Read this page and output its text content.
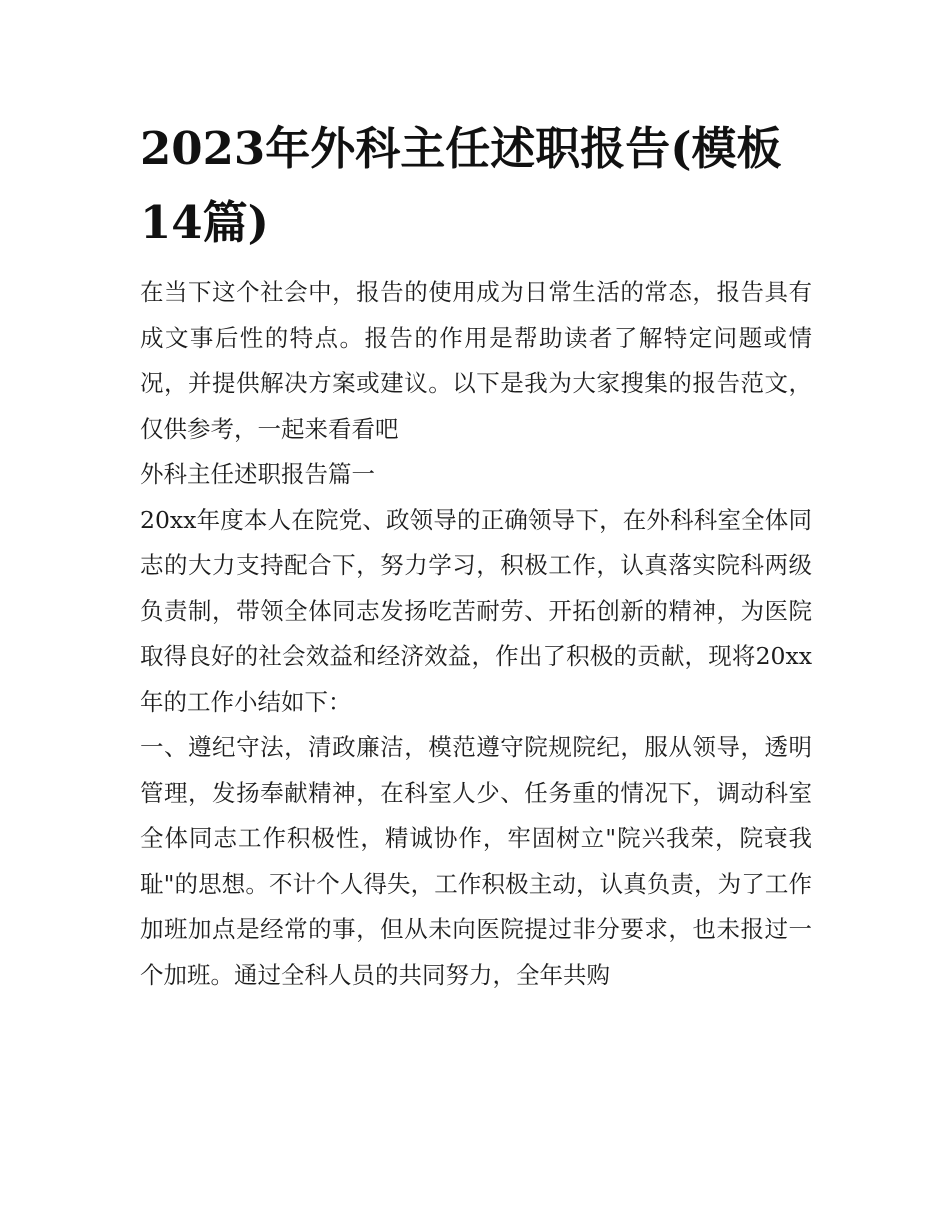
2023年外科主任述职报告(模板14篇)

在当下这个社会中，报告的使用成为日常生活的常态，报告具有成文事后性的特点。报告的作用是帮助读者了解特定问题或情况，并提供解决方案或建议。以下是我为大家搜集的报告范文，仅供参考，一起来看看吧

外科主任述职报告篇一

20xx年度本人在院党、政领导的正确领导下，在外科科室全体同志的大力支持配合下，努力学习，积极工作，认真落实院科两级负责制，带领全体同志发扬吃苦耐劳、开拓创新的精神，为医院取得良好的社会效益和经济效益，作出了积极的贡献，现将20xx年的工作小结如下：

一、遵纪守法，清政廉洁，模范遵守院规院纪，服从领导，透明管理，发扬奉献精神，在科室人少、任务重的情况下，调动科室全体同志工作积极性，精诚协作，牢固树立"院兴我荣，院衰我耻"的思想。不计个人得失，工作积极主动，认真负责，为了工作加班加点是经常的事，但从未向医院提过非分要求，也未报过一个加班。通过全科人员的共同努力，全年共购
